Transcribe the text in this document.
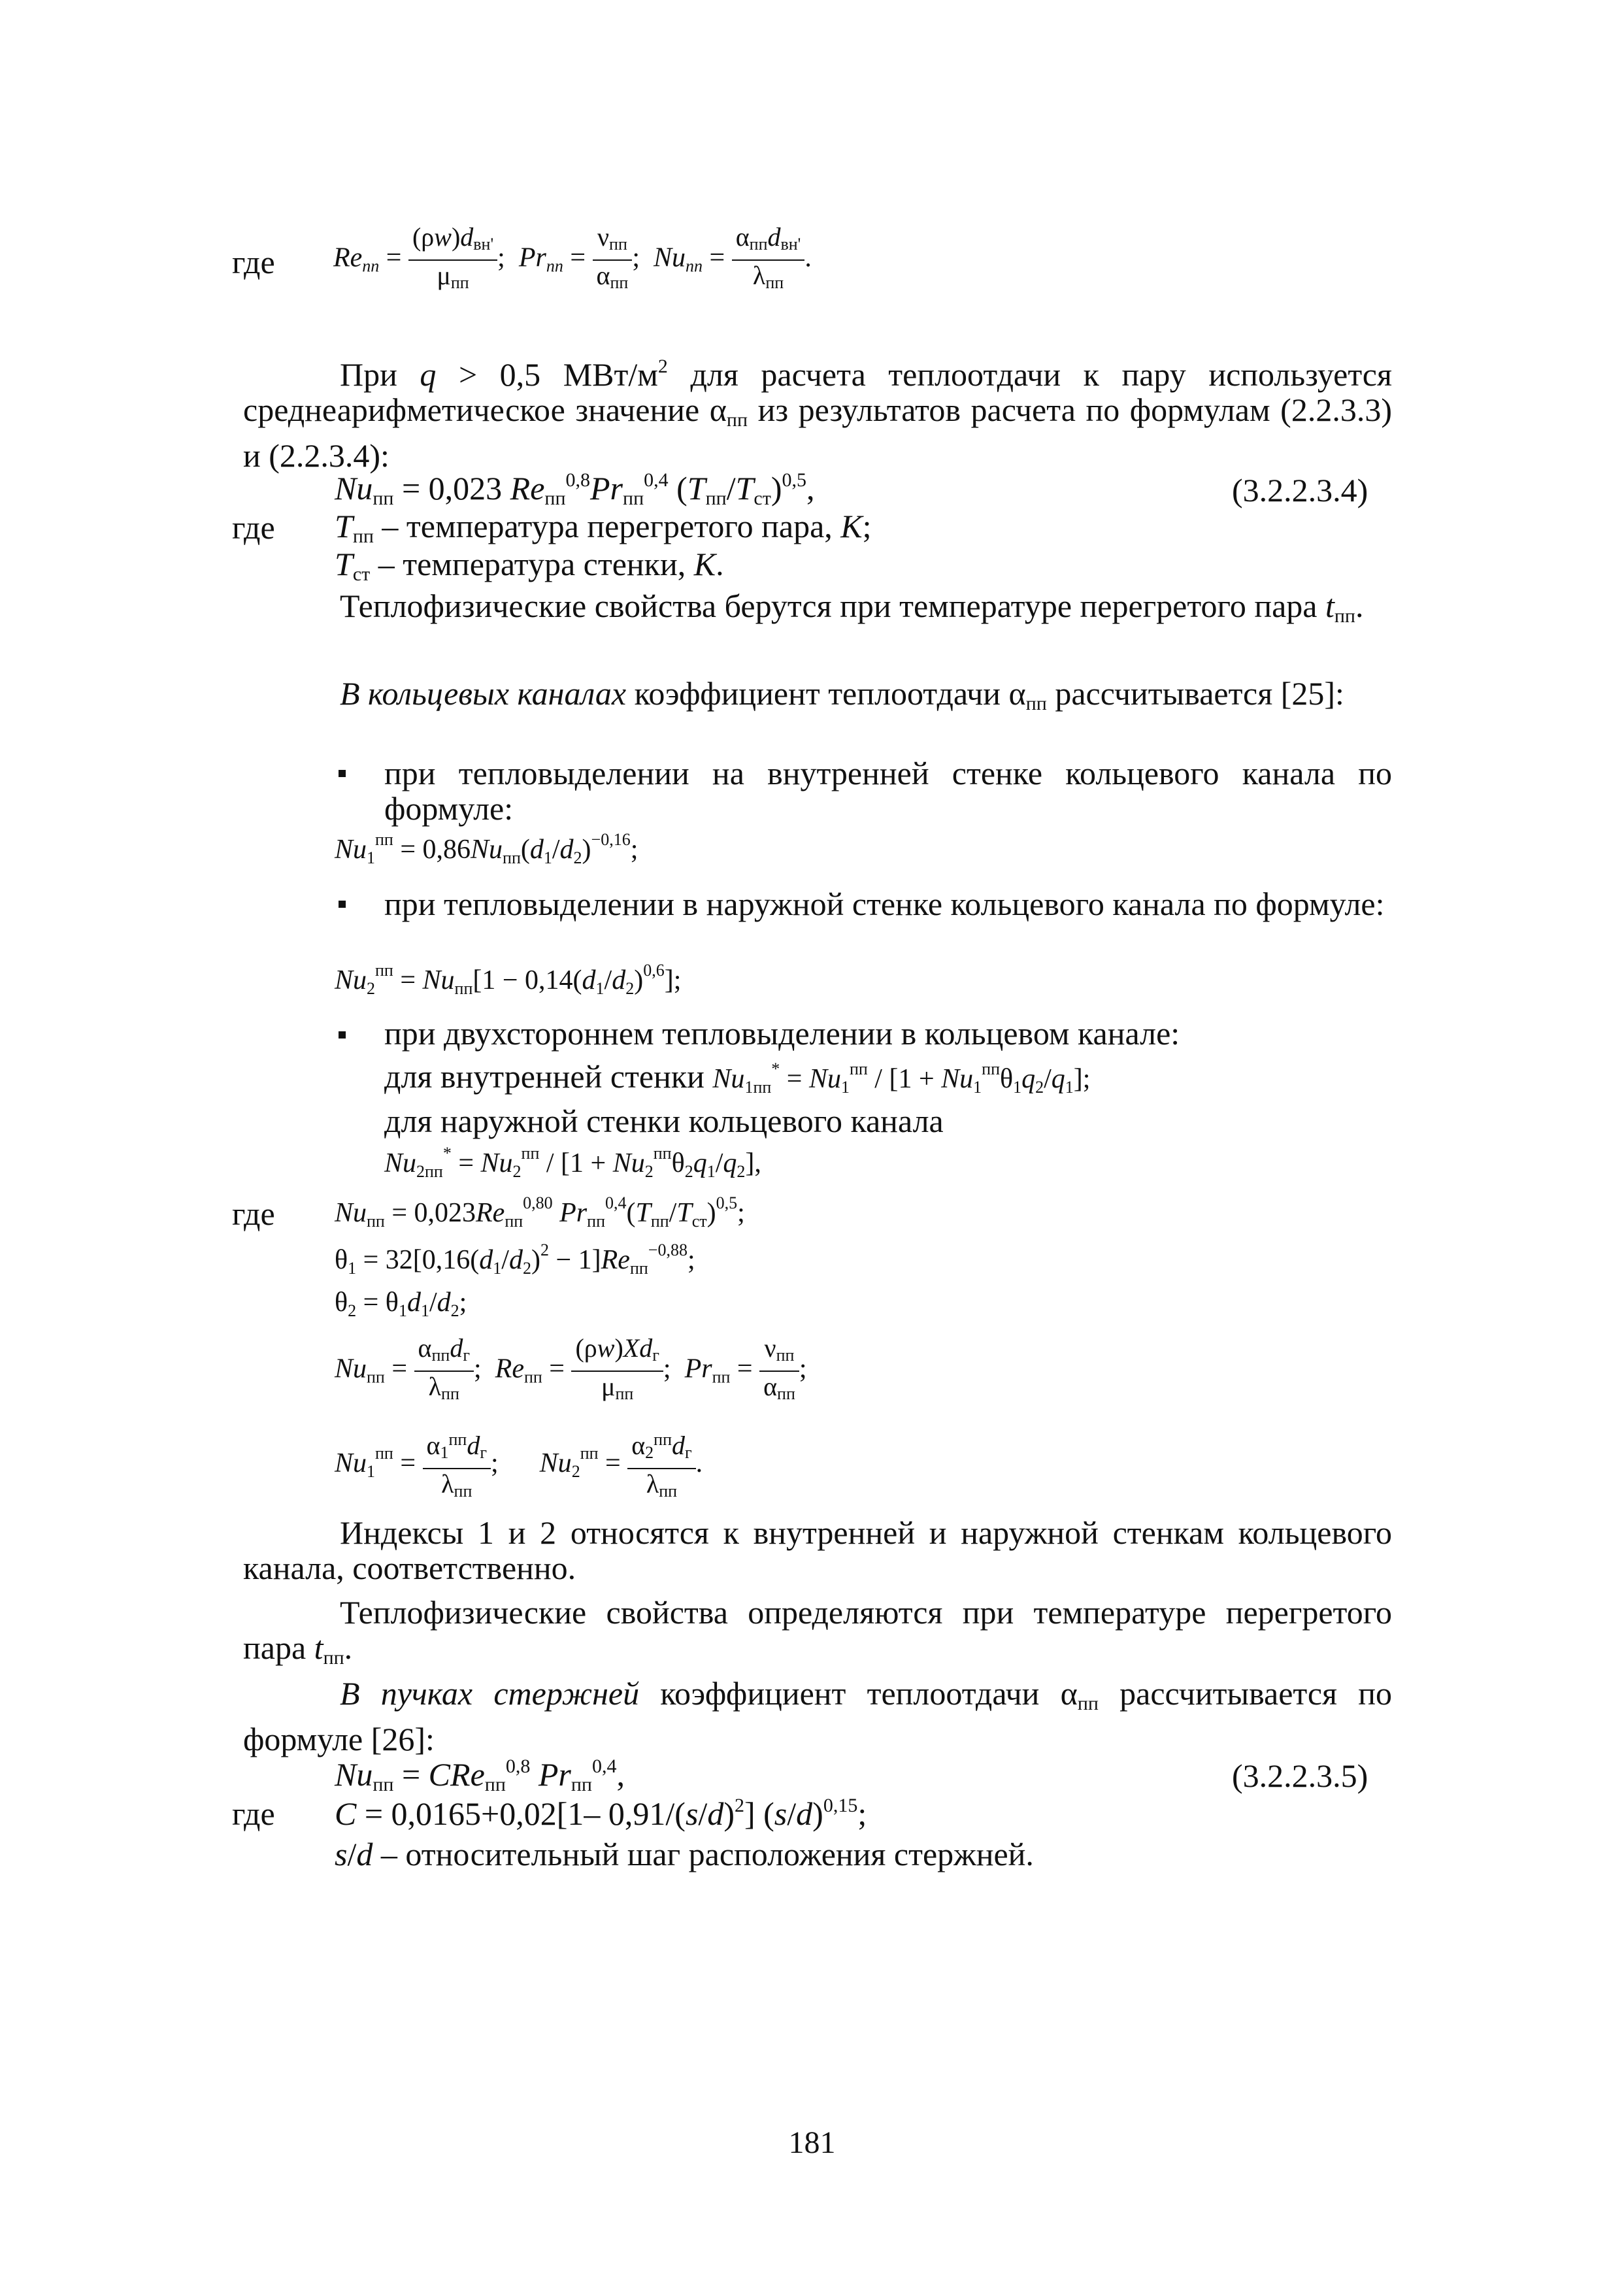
где Reпп = $\frac{\text{(ρw)dвн'}}{\text{μпп}}$ ;  Prпп = $\frac{\text{νпп}}{\text{αпп}}$ ;  Nuпп = $\frac{\text{αппdвн'}}{\text{λпп}}$ .
При q > 0,5 МВт/$м^2$ для расчета теплоотдачи к пару используется среднеарифметическое значение αпп из результатов расчета по формулам (2.2.3.3) и (2.2.3.4):
Nuпп = 0,023 Reпп$^{0,8}$Prпп$^{0,4}$ $(Tпп/Tст)^{0,5}$,	(3.2.2.3.4)
где Tпп – температура перегретого пара, K;
Tст – температура стенки, K.
Теплофизические свойства берутся при температуре перегретого пара tпп.
В кольцевых каналах коэффициент теплоотдачи αпп рассчитывается [25]:
при тепловыделении на внутренней стенке кольцевого канала по формуле:
$Nu1^{пп}$ = $0,86Nuпп(d1/d2)^{-0,16}$;
при тепловыделении в наружной стенке кольцевого канала по формуле:
$Nu2^{пп}$ = Nuпп[1 − $0,14(d1/d2)^{0,6}$];
при двухстороннем тепловыделении в кольцевом канале:
для внутренней стенки $Nu1пп^* = Nu1^{пп} / [1 + Nu1^{пп}\theta 1q2/q1]$;
для наружной стенки кольцевого канала
$Nu2пп^* = Nu2^{пп} / [1 + Nu2^{пп}\theta 2q1/q2]$,
где Nuпп = 0,023Reпп$^{0,80}$ $Prпп^{0,4}(Tпп/Tст)^{0,5}$;
$\theta 1 = 32[0,16(d1/d2)^2$ − 1]Reпп$^{-0,88}$;
θ2 = θ1d1/d2;
Nuпп = $\frac{\text{αппdг}}{\text{λпп}}$ ;  Reпп = $\frac{\text{(ρw)Xdг}}{\text{μпп}}$ ;  Prпп = $\frac{\text{νпп}}{\text{αпп}}$ ;
$Nu1^{пп} = \frac{\alpha 1^{пп}dг}{\text{λпп}}$ ;      $Nu2^{пп} = \frac{\alpha 2^{пп}dг}{\text{λпп}}$ .
Индексы 1 и 2 относятся к внутренней и наружной стенкам кольцевого канала, соответственно.
Теплофизические свойства определяются при температуре перегретого пара tпп.
В пучках стержней коэффициент теплоотдачи αпп рассчитывается по формуле [26]:
Nuпп = CReпп$^{0,8}$ Prпп$^{0,4}$,	(3.2.2.3.5)
где C = 0,0165+0,02[1– $0,91/(s/d)^2$] $(s/d)^{0,15}$;
s/d – относительный шаг расположения стержней.
181
